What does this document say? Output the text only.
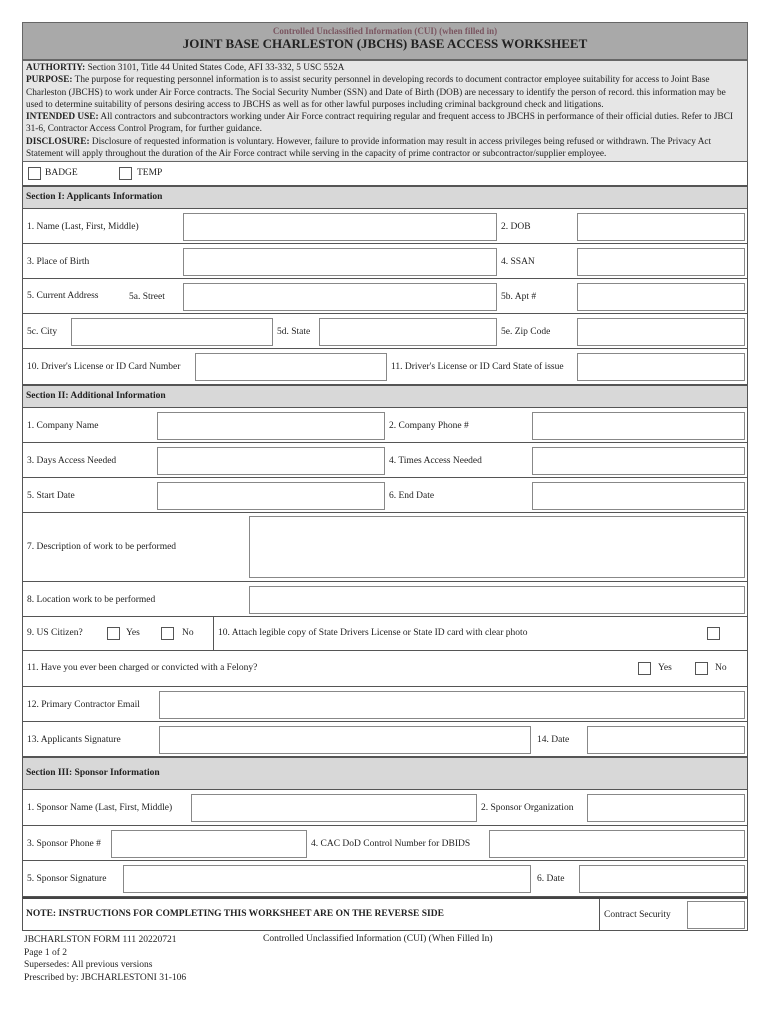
Controlled Unclassified Information (CUI) (when filled in)
JOINT BASE CHARLESTON (JBCHS) BASE ACCESS WORKSHEET
AUTHORTIY: Section 3101, Title 44 United States Code, AFI 33-332, 5 USC 552A
PURPOSE: The purpose for requesting personnel information is to assist security personnel in developing records to document contractor employee suitability for access to Joint Base Charleston (JBCHS) to work under Air Force contracts. The Social Security Number (SSN) and Date of Birth (DOB) are necessary to identify the person of record. this information may be used to determine suitability of persons desiring access to JBCHS as well as for other lawful purposes including criminal background check and litigations.
INTENDED USE: All contractors and subcontractors working under Air Force contract requiring regular and frequent access to JBCHS in performance of their official duties. Refer to JBCI 31-6, Contractor Access Control Program, for further guidance.
DISCLOSURE: Disclosure of requested information is voluntary. However, failure to provide information may result in access privileges being refused or withdrawn. The Privacy Act Statement will apply throughout the duration of the Air Force contract while serving in the capacity of prime contractor or subcontractor/supplier employee.
BADGE	TEMP
Section I: Applicants Information
1. Name (Last, First, Middle)	2. DOB
3. Place of Birth	4. SSAN
5. Current Address	5a. Street	5b. Apt #
5c. City	5d. State	5e. Zip Code
10. Driver's License or ID Card Number	11. Driver's License or ID Card State of issue
Section II: Additional Information
1. Company Name	2. Company Phone #
3. Days Access Needed	4. Times Access Needed
5. Start Date	6. End Date
7. Description of work to be performed
8. Location work to be performed
9. US Citizen?	Yes	No	10. Attach legible copy of State Drivers License or State ID card with clear photo
11. Have you ever been charged or convicted with a Felony?	Yes	No
12. Primary Contractor Email
13. Applicants Signature	14. Date
Section III: Sponsor Information
1. Sponsor Name (Last, First, Middle)	2. Sponsor Organization
3. Sponsor Phone #	4. CAC DoD Control Number for DBIDS
5. Sponsor Signature	6. Date
NOTE: INSTRUCTIONS FOR COMPLETING THIS WORKSHEET ARE ON THE REVERSE SIDE	Contract Security
JBCHARLSTON FORM 111 20220721
Page 1 of 2
Supersedes: All previous versions
Prescribed by: JBCHARLESTONI 31-106
Controlled Unclassified Information (CUI) (When Filled In)
